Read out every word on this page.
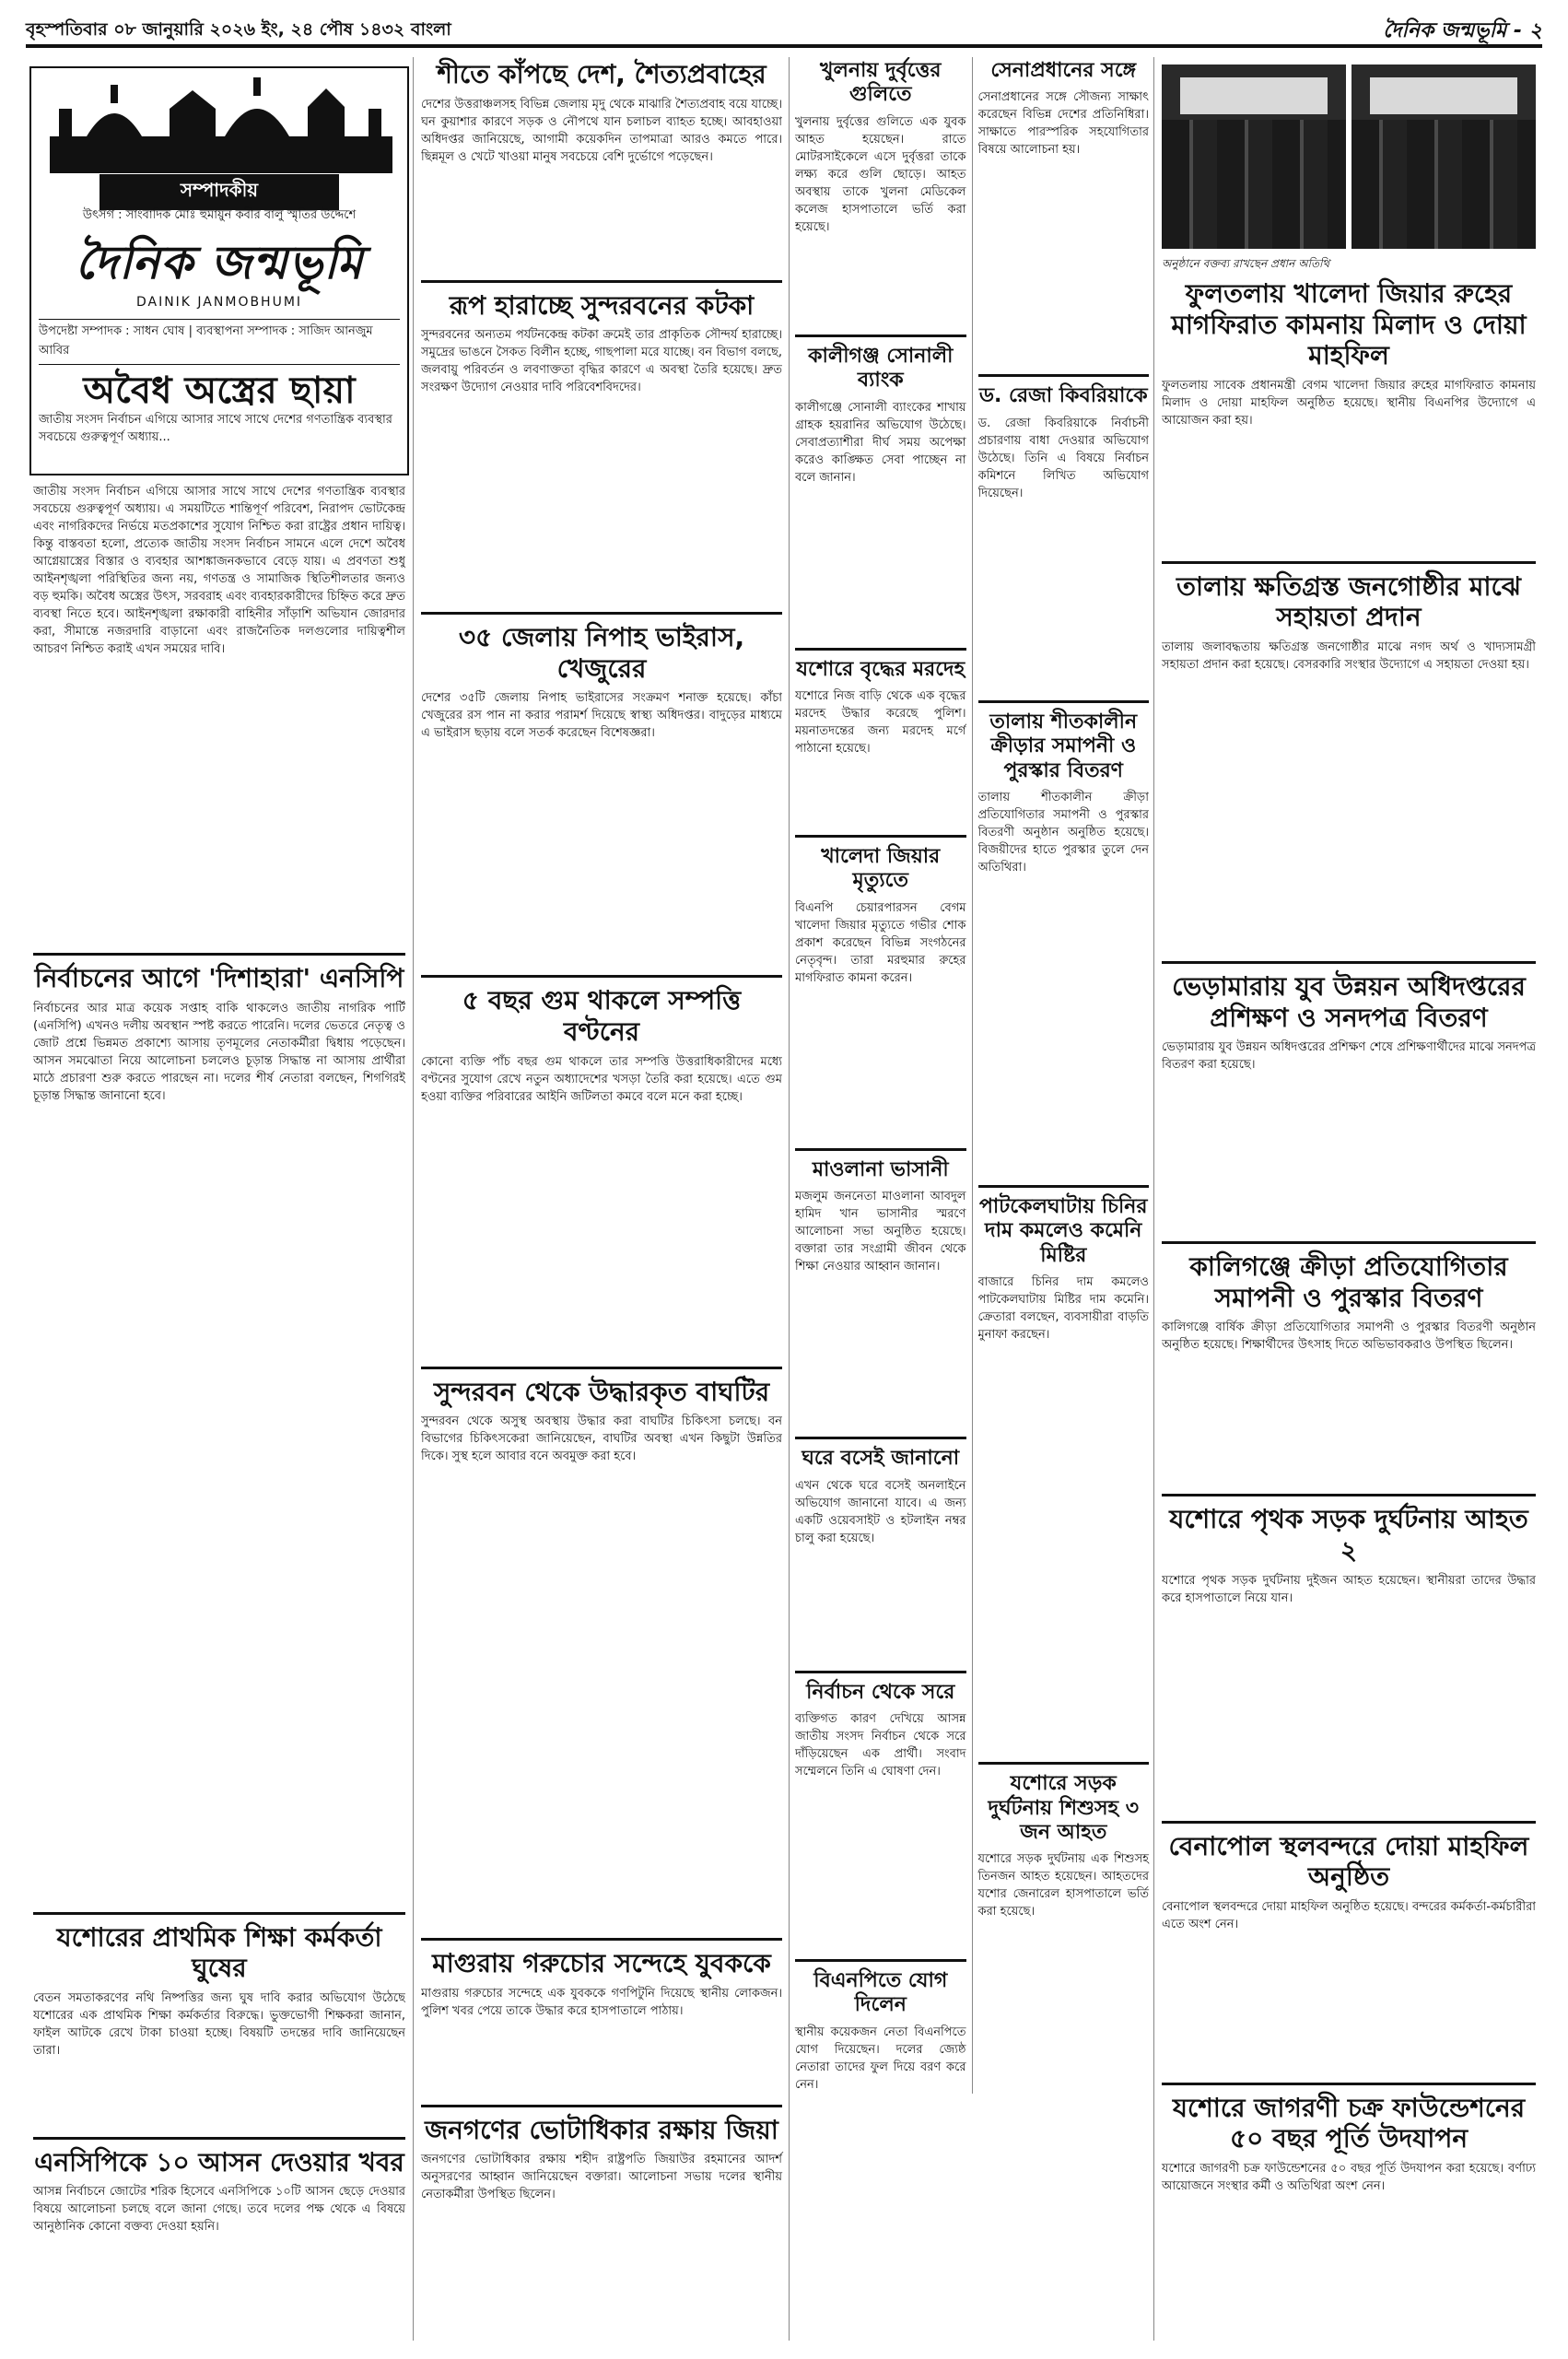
বৃহস্পতিবার ০৮ জানুয়ারি ২০২৬ ইং, ২৪ পৌষ ১৪৩২ বাংলা	দৈনিক জন্মভূমি - ২
সম্পাদকীয়
উৎসর্গ : সাংবাদিক মোঃ হুমায়ুন কবীর বালু স্মৃতির উদ্দেশে
দৈনিক জন্মভূমি
DAINIK JANMOBHUMI
উপদেষ্টা সম্পাদক : সাধন ঘোষ | ব্যবস্থাপনা সম্পাদক : সাজিদ আনজুম আবির
অবৈধ অস্ত্রের ছায়া
জাতীয় সংসদ নির্বাচন এগিয়ে আসার সাথে সাথে দেশের গণতান্ত্রিক ব্যবস্থার সবচেয়ে গুরুত্বপূর্ণ অধ্যায়...
জাতীয় সংসদ নির্বাচন এগিয়ে আসার সাথে সাথে দেশের গণতান্ত্রিক ব্যবস্থার সবচেয়ে গুরুত্বপূর্ণ অধ্যায়। এ সময়টিতে শান্তিপূর্ণ পরিবেশ, নিরাপদ ভোটকেন্দ্র এবং নাগরিকদের নির্ভয়ে মতপ্রকাশের সুযোগ নিশ্চিত করা রাষ্ট্রের প্রধান দায়িত্ব। কিন্তু বাস্তবতা হলো, প্রত্যেক জাতীয় সংসদ নির্বাচন সামনে এলে দেশে অবৈধ আগ্নেয়াস্ত্রের বিস্তার ও ব্যবহার আশঙ্কাজনকভাবে বেড়ে যায়। এ প্রবণতা শুধু আইনশৃঙ্খলা পরিস্থিতির জন্য নয়, গণতন্ত্র ও সামাজিক স্থিতিশীলতার জন্যও বড় হুমকি। অবৈধ অস্ত্রের উৎস, সরবরাহ এবং ব্যবহারকারীদের চিহ্নিত করে দ্রুত ব্যবস্থা নিতে হবে। আইনশৃঙ্খলা রক্ষাকারী বাহিনীর সাঁড়াশি অভিযান জোরদার করা, সীমান্তে নজরদারি বাড়ানো এবং রাজনৈতিক দলগুলোর দায়িত্বশীল আচরণ নিশ্চিত করাই এখন সময়ের দাবি।
নির্বাচনের আগে 'দিশাহারা' এনসিপি
নির্বাচনের আর মাত্র কয়েক সপ্তাহ বাকি থাকলেও জাতীয় নাগরিক পার্টি (এনসিপি) এখনও দলীয় অবস্থান স্পষ্ট করতে পারেনি। দলের ভেতরে নেতৃত্ব ও জোট প্রশ্নে ভিন্নমত প্রকাশ্যে আসায় তৃণমূলের নেতাকর্মীরা দ্বিধায় পড়েছেন। আসন সমঝোতা নিয়ে আলোচনা চললেও চূড়ান্ত সিদ্ধান্ত না আসায় প্রার্থীরা মাঠে প্রচারণা শুরু করতে পারছেন না। দলের শীর্ষ নেতারা বলছেন, শিগগিরই চূড়ান্ত সিদ্ধান্ত জানানো হবে।
যশোরের প্রাথমিক শিক্ষা কর্মকর্তা ঘুষের
বেতন সমতাকরণের নথি নিষ্পত্তির জন্য ঘুষ দাবি করার অভিযোগ উঠেছে যশোরের এক প্রাথমিক শিক্ষা কর্মকর্তার বিরুদ্ধে। ভুক্তভোগী শিক্ষকরা জানান, ফাইল আটকে রেখে টাকা চাওয়া হচ্ছে। বিষয়টি তদন্তের দাবি জানিয়েছেন তারা।
এনসিপিকে ১০ আসন দেওয়ার খবর
আসন্ন নির্বাচনে জোটের শরিক হিসেবে এনসিপিকে ১০টি আসন ছেড়ে দেওয়ার বিষয়ে আলোচনা চলছে বলে জানা গেছে। তবে দলের পক্ষ থেকে এ বিষয়ে আনুষ্ঠানিক কোনো বক্তব্য দেওয়া হয়নি।
শীতে কাঁপছে দেশ, শৈত্যপ্রবাহের
দেশের উত্তরাঞ্চলসহ বিভিন্ন জেলায় মৃদু থেকে মাঝারি শৈত্যপ্রবাহ বয়ে যাচ্ছে। ঘন কুয়াশার কারণে সড়ক ও নৌপথে যান চলাচল ব্যাহত হচ্ছে। আবহাওয়া অধিদপ্তর জানিয়েছে, আগামী কয়েকদিন তাপমাত্রা আরও কমতে পারে। ছিন্নমূল ও খেটে খাওয়া মানুষ সবচেয়ে বেশি দুর্ভোগে পড়েছেন।
রূপ হারাচ্ছে সুন্দরবনের কটকা
সুন্দরবনের অন্যতম পর্যটনকেন্দ্র কটকা ক্রমেই তার প্রাকৃতিক সৌন্দর্য হারাচ্ছে। সমুদ্রের ভাঙনে সৈকত বিলীন হচ্ছে, গাছপালা মরে যাচ্ছে। বন বিভাগ বলছে, জলবায়ু পরিবর্তন ও লবণাক্ততা বৃদ্ধির কারণে এ অবস্থা তৈরি হয়েছে। দ্রুত সংরক্ষণ উদ্যোগ নেওয়ার দাবি পরিবেশবিদদের।
৩৫ জেলায় নিপাহ ভাইরাস, খেজুরের
দেশের ৩৫টি জেলায় নিপাহ ভাইরাসের সংক্রমণ শনাক্ত হয়েছে। কাঁচা খেজুরের রস পান না করার পরামর্শ দিয়েছে স্বাস্থ্য অধিদপ্তর। বাদুড়ের মাধ্যমে এ ভাইরাস ছড়ায় বলে সতর্ক করেছেন বিশেষজ্ঞরা।
৫ বছর গুম থাকলে সম্পত্তি বণ্টনের
কোনো ব্যক্তি পাঁচ বছর গুম থাকলে তার সম্পত্তি উত্তরাধিকারীদের মধ্যে বণ্টনের সুযোগ রেখে নতুন অধ্যাদেশের খসড়া তৈরি করা হয়েছে। এতে গুম হওয়া ব্যক্তির পরিবারের আইনি জটিলতা কমবে বলে মনে করা হচ্ছে।
সুন্দরবন থেকে উদ্ধারকৃত বাঘটির
সুন্দরবন থেকে অসুস্থ অবস্থায় উদ্ধার করা বাঘটির চিকিৎসা চলছে। বন বিভাগের চিকিৎসকেরা জানিয়েছেন, বাঘটির অবস্থা এখন কিছুটা উন্নতির দিকে। সুস্থ হলে আবার বনে অবমুক্ত করা হবে।
মাগুরায় গরুচোর সন্দেহে যুবককে
মাগুরায় গরুচোর সন্দেহে এক যুবককে গণপিটুনি দিয়েছে স্থানীয় লোকজন। পুলিশ খবর পেয়ে তাকে উদ্ধার করে হাসপাতালে পাঠায়।
জনগণের ভোটাধিকার রক্ষায় জিয়া
জনগণের ভোটাধিকার রক্ষায় শহীদ রাষ্ট্রপতি জিয়াউর রহমানের আদর্শ অনুসরণের আহ্বান জানিয়েছেন বক্তারা। আলোচনা সভায় দলের স্থানীয় নেতাকর্মীরা উপস্থিত ছিলেন।
খুলনায় দুর্বৃত্তের গুলিতে
খুলনায় দুর্বৃত্তের গুলিতে এক যুবক আহত হয়েছেন। রাতে মোটরসাইকেলে এসে দুর্বৃত্তরা তাকে লক্ষ্য করে গুলি ছোড়ে। আহত অবস্থায় তাকে খুলনা মেডিকেল কলেজ হাসপাতালে ভর্তি করা হয়েছে।
কালীগঞ্জ সোনালী ব্যাংক
কালীগঞ্জে সোনালী ব্যাংকের শাখায় গ্রাহক হয়রানির অভিযোগ উঠেছে। সেবাপ্রত্যাশীরা দীর্ঘ সময় অপেক্ষা করেও কাঙ্ক্ষিত সেবা পাচ্ছেন না বলে জানান।
যশোরে বৃদ্ধের মরদেহ
যশোরে নিজ বাড়ি থেকে এক বৃদ্ধের মরদেহ উদ্ধার করেছে পুলিশ। ময়নাতদন্তের জন্য মরদেহ মর্গে পাঠানো হয়েছে।
খালেদা জিয়ার মৃত্যুতে
বিএনপি চেয়ারপারসন বেগম খালেদা জিয়ার মৃত্যুতে গভীর শোক প্রকাশ করেছেন বিভিন্ন সংগঠনের নেতৃবৃন্দ। তারা মরহুমার রুহের মাগফিরাত কামনা করেন।
মাওলানা ভাসানী
মজলুম জননেতা মাওলানা আবদুল হামিদ খান ভাসানীর স্মরণে আলোচনা সভা অনুষ্ঠিত হয়েছে। বক্তারা তার সংগ্রামী জীবন থেকে শিক্ষা নেওয়ার আহ্বান জানান।
ঘরে বসেই জানানো
এখন থেকে ঘরে বসেই অনলাইনে অভিযোগ জানানো যাবে। এ জন্য একটি ওয়েবসাইট ও হটলাইন নম্বর চালু করা হয়েছে।
নির্বাচন থেকে সরে
ব্যক্তিগত কারণ দেখিয়ে আসন্ন জাতীয় সংসদ নির্বাচন থেকে সরে দাঁড়িয়েছেন এক প্রার্থী। সংবাদ সম্মেলনে তিনি এ ঘোষণা দেন।
বিএনপিতে যোগ দিলেন
স্থানীয় কয়েকজন নেতা বিএনপিতে যোগ দিয়েছেন। দলের জ্যেষ্ঠ নেতারা তাদের ফুল দিয়ে বরণ করে নেন।
সেনাপ্রধানের সঙ্গে
সেনাপ্রধানের সঙ্গে সৌজন্য সাক্ষাৎ করেছেন বিভিন্ন দেশের প্রতিনিধিরা। সাক্ষাতে পারস্পরিক সহযোগিতার বিষয়ে আলোচনা হয়।
ড. রেজা কিবরিয়াকে
ড. রেজা কিবরিয়াকে নির্বাচনী প্রচারণায় বাধা দেওয়ার অভিযোগ উঠেছে। তিনি এ বিষয়ে নির্বাচন কমিশনে লিখিত অভিযোগ দিয়েছেন।
তালায় শীতকালীন ক্রীড়ার সমাপনী ও পুরস্কার বিতরণ
তালায় শীতকালীন ক্রীড়া প্রতিযোগিতার সমাপনী ও পুরস্কার বিতরণী অনুষ্ঠান অনুষ্ঠিত হয়েছে। বিজয়ীদের হাতে পুরস্কার তুলে দেন অতিথিরা।
পাটকেলঘাটায় চিনির দাম কমলেও কমেনি মিষ্টির
বাজারে চিনির দাম কমলেও পাটকেলঘাটায় মিষ্টির দাম কমেনি। ক্রেতারা বলছেন, ব্যবসায়ীরা বাড়তি মুনাফা করছেন।
যশোরে সড়ক দুর্ঘটনায় শিশুসহ ৩ জন আহত
যশোরে সড়ক দুর্ঘটনায় এক শিশুসহ তিনজন আহত হয়েছেন। আহতদের যশোর জেনারেল হাসপাতালে ভর্তি করা হয়েছে।
অনুষ্ঠানে বক্তব্য রাখছেন প্রধান অতিথি
ফুলতলায় খালেদা জিয়ার রুহের মাগফিরাত কামনায় মিলাদ ও দোয়া মাহফিল
ফুলতলায় সাবেক প্রধানমন্ত্রী বেগম খালেদা জিয়ার রুহের মাগফিরাত কামনায় মিলাদ ও দোয়া মাহফিল অনুষ্ঠিত হয়েছে। স্থানীয় বিএনপির উদ্যোগে এ আয়োজন করা হয়।
তালায় ক্ষতিগ্রস্ত জনগোষ্ঠীর মাঝে সহায়তা প্রদান
তালায় জলাবদ্ধতায় ক্ষতিগ্রস্ত জনগোষ্ঠীর মাঝে নগদ অর্থ ও খাদ্যসামগ্রী সহায়তা প্রদান করা হয়েছে। বেসরকারি সংস্থার উদ্যোগে এ সহায়তা দেওয়া হয়।
ভেড়ামারায় যুব উন্নয়ন অধিদপ্তরের প্রশিক্ষণ ও সনদপত্র বিতরণ
ভেড়ামারায় যুব উন্নয়ন অধিদপ্তরের প্রশিক্ষণ শেষে প্রশিক্ষণার্থীদের মাঝে সনদপত্র বিতরণ করা হয়েছে।
কালিগঞ্জে ক্রীড়া প্রতিযোগিতার সমাপনী ও পুরস্কার বিতরণ
কালিগঞ্জে বার্ষিক ক্রীড়া প্রতিযোগিতার সমাপনী ও পুরস্কার বিতরণী অনুষ্ঠান অনুষ্ঠিত হয়েছে। শিক্ষার্থীদের উৎসাহ দিতে অভিভাবকরাও উপস্থিত ছিলেন।
যশোরে পৃথক সড়ক দুর্ঘটনায় আহত ২
যশোরে পৃথক সড়ক দুর্ঘটনায় দুইজন আহত হয়েছেন। স্থানীয়রা তাদের উদ্ধার করে হাসপাতালে নিয়ে যান।
বেনাপোল স্থলবন্দরে দোয়া মাহফিল অনুষ্ঠিত
বেনাপোল স্থলবন্দরে দোয়া মাহফিল অনুষ্ঠিত হয়েছে। বন্দরের কর্মকর্তা-কর্মচারীরা এতে অংশ নেন।
যশোরে জাগরণী চক্র ফাউন্ডেশনের ৫০ বছর পূর্তি উদযাপন
যশোরে জাগরণী চক্র ফাউন্ডেশনের ৫০ বছর পূর্তি উদযাপন করা হয়েছে। বর্ণাঢ্য আয়োজনে সংস্থার কর্মী ও অতিথিরা অংশ নেন।
